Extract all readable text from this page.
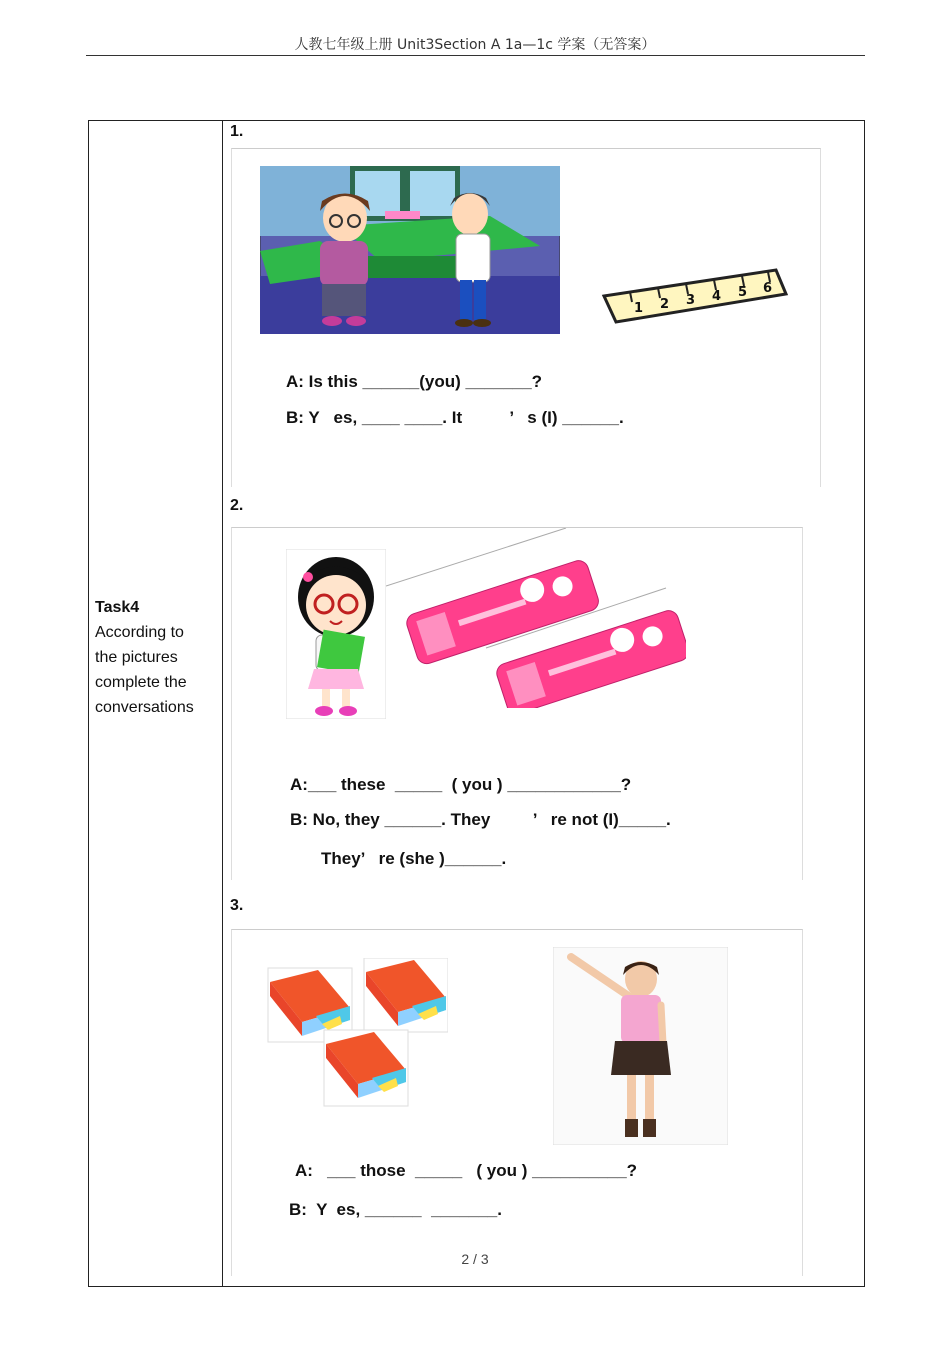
人教七年级上册 Unit3Section A 1a—1c 学案（无答案）
Task4
According to
the pictures
complete the
conversations
1.
1 2 3 4 5 6
A: Is this ______(you) _______?
B: Y   es, ____ ____. It          ’   s (I) ______.
2.
A:___ these  _____  ( you ) ____________?
B: No, they ______. They         ’   re not (I)_____.
They’   re (she )______.
3.
A:   ___ those  _____   ( you ) __________?
B:  Y  es, ______  _______.
2 / 3
